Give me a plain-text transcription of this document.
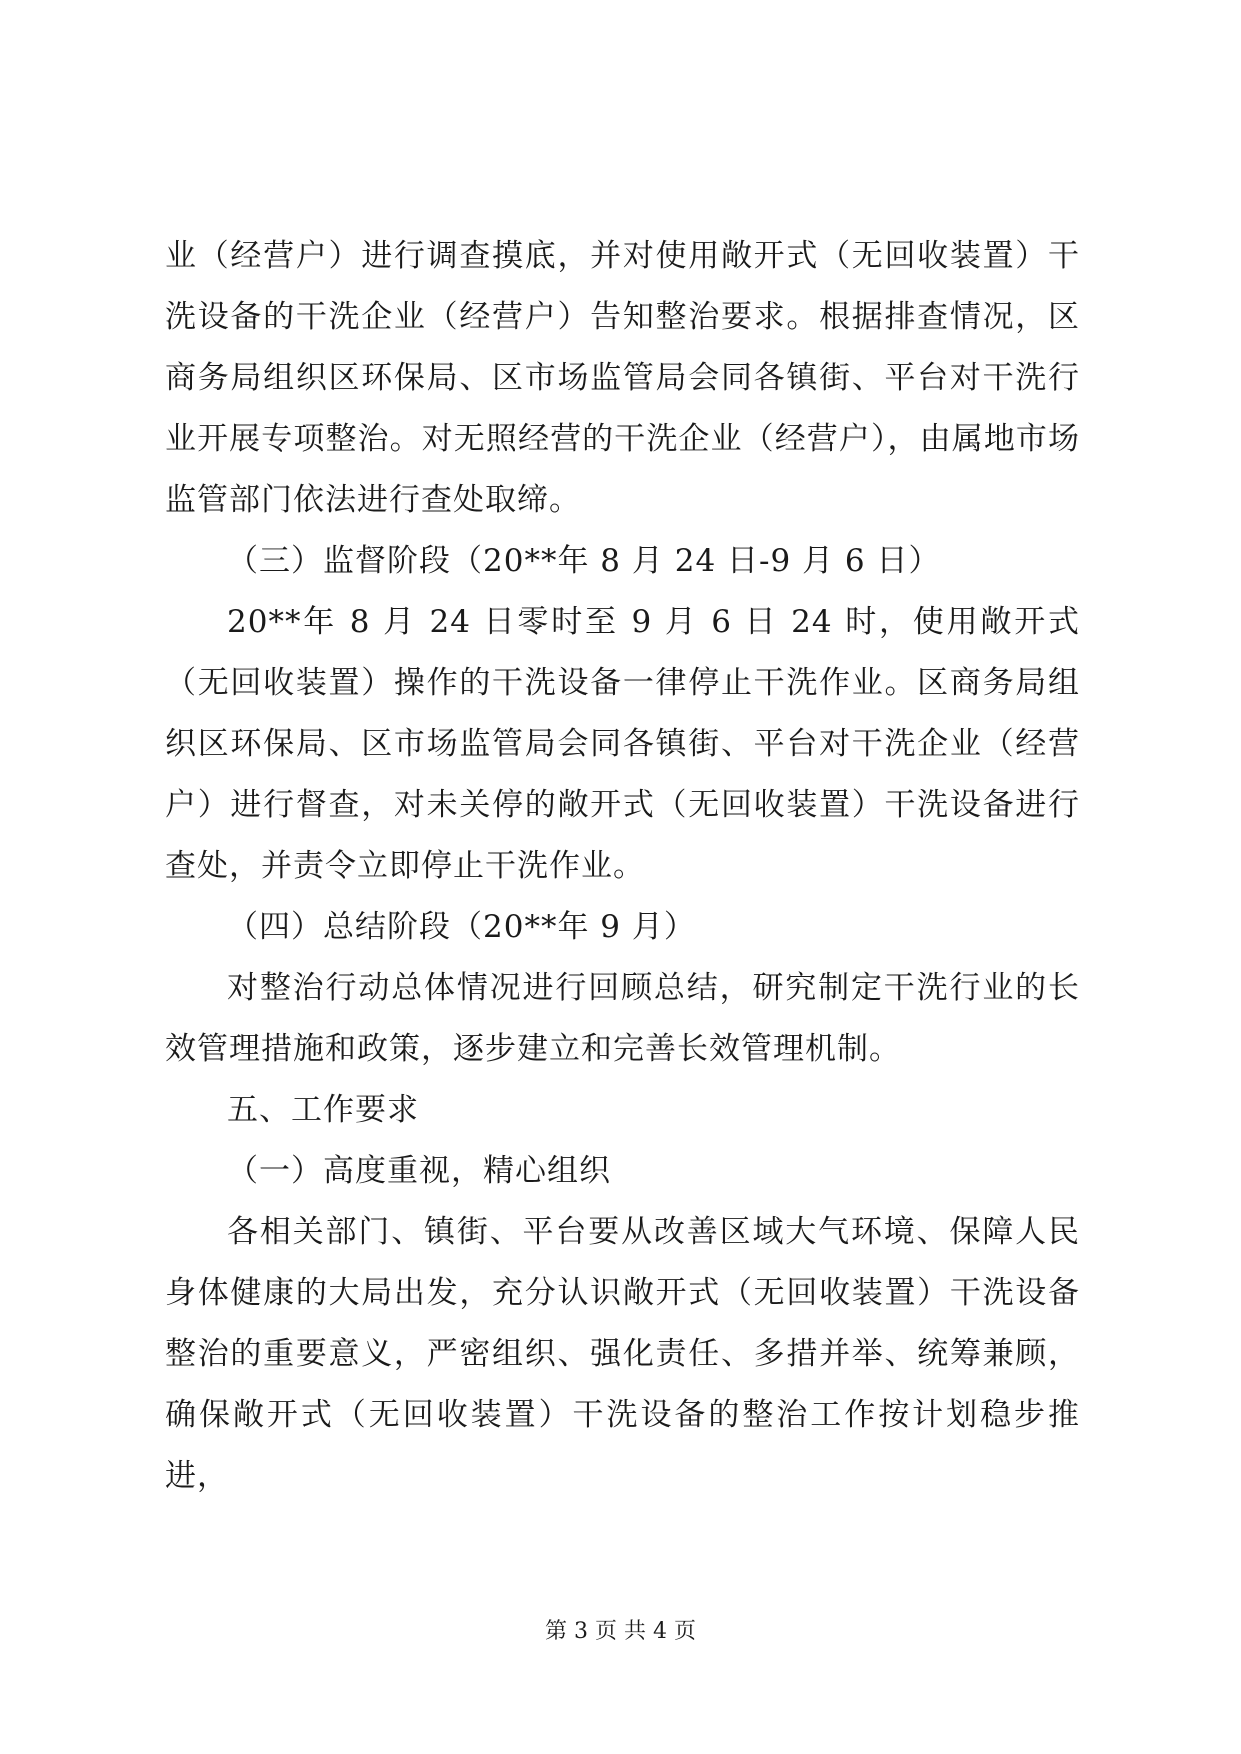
业（经营户）进行调查摸底，并对使用敞开式（无回收装置）干洗设备的干洗企业（经营户）告知整治要求。根据排查情况，区商务局组织区环保局、区市场监管局会同各镇街、平台对干洗行业开展专项整治。对无照经营的干洗企业（经营户），由属地市场监管部门依法进行查处取缔。

（三）监督阶段（20**年 8 月 24 日-9 月 6 日）

20**年 8 月 24 日零时至 9 月 6 日 24 时，使用敞开式（无回收装置）操作的干洗设备一律停止干洗作业。区商务局组织区环保局、区市场监管局会同各镇街、平台对干洗企业（经营户）进行督查，对未关停的敞开式（无回收装置）干洗设备进行查处，并责令立即停止干洗作业。

（四）总结阶段（20**年 9 月）

对整治行动总体情况进行回顾总结，研究制定干洗行业的长效管理措施和政策，逐步建立和完善长效管理机制。

五、工作要求

（一）高度重视，精心组织

各相关部门、镇街、平台要从改善区域大气环境、保障人民身体健康的大局出发，充分认识敞开式（无回收装置）干洗设备整治的重要意义，严密组织、强化责任、多措并举、统筹兼顾，确保敞开式（无回收装置）干洗设备的整治工作按计划稳步推进，

第 3 页 共 4 页
